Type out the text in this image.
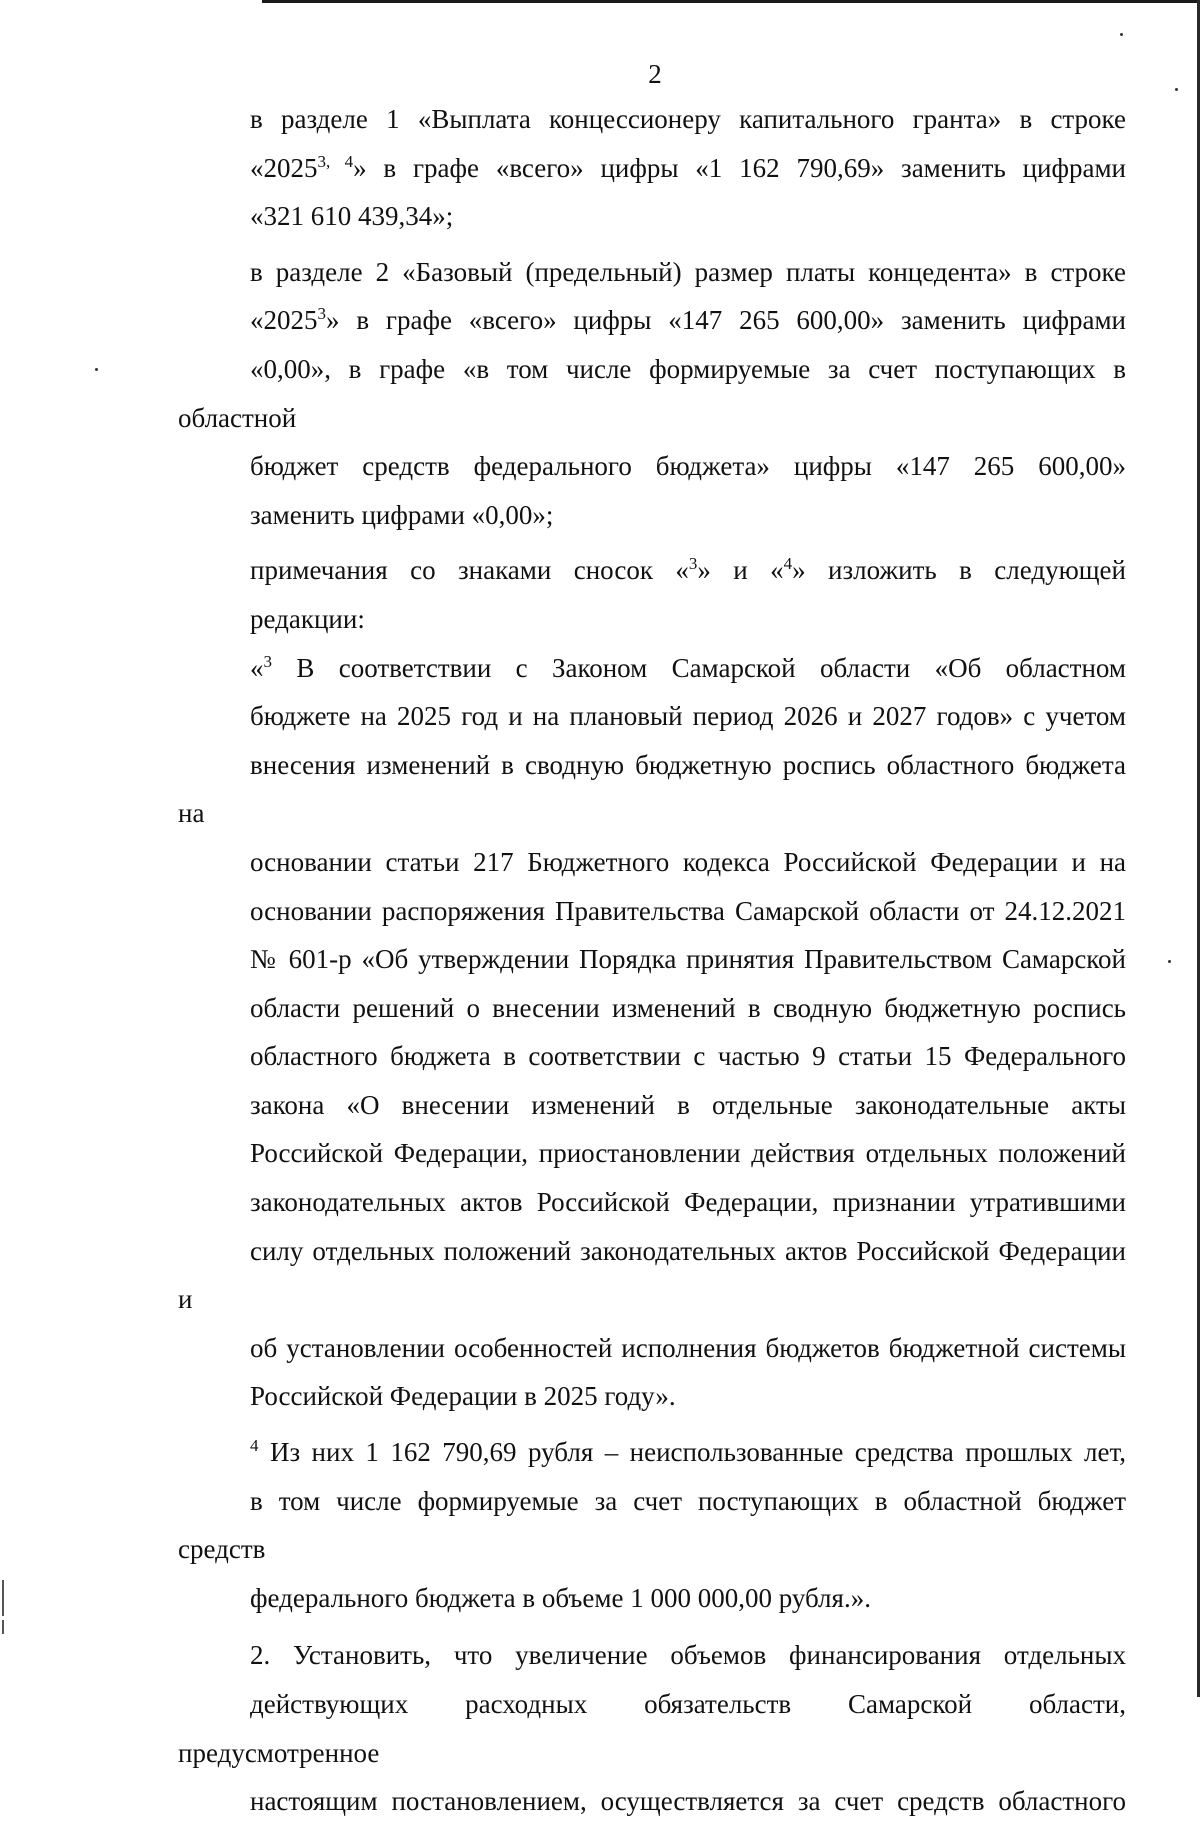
2
в разделе 1 «Выплата концессионеру капитального гранта» в строке
«2025$^{3, 4}$» в графе «всего» цифры «1 162 790,69» заменить цифрами
«321 610 439,34»;
в разделе 2 «Базовый (предельный) размер платы концедента» в строке
«2025$^3$» в графе «всего» цифры «147 265 600,00» заменить цифрами
«0,00», в графе «в том числе формируемые за счет поступающих в областной
бюджет средств федерального бюджета» цифры «147 265 600,00»
заменить цифрами «0,00»;
примечания со знаками сносок «$^3$» и «$^4$» изложить в следующей
редакции:
«$^3$ В соответствии с Законом Самарской области «Об областном
бюджете на 2025 год и на плановый период 2026 и 2027 годов» с учетом
внесения изменений в сводную бюджетную роспись областного бюджета на
основании статьи 217 Бюджетного кодекса Российской Федерации и на
основании распоряжения Правительства Самарской области от 24.12.2021
№ 601-р «Об утверждении Порядка принятия Правительством Самарской
области решений о внесении изменений в сводную бюджетную роспись
областного бюджета в соответствии с частью 9 статьи 15 Федерального
закона «О внесении изменений в отдельные законодательные акты
Российской Федерации, приостановлении действия отдельных положений
законодательных актов Российской Федерации, признании утратившими
силу отдельных положений законодательных актов Российской Федерации и
об установлении особенностей исполнения бюджетов бюджетной системы
Российской Федерации в 2025 году».
$^4$ Из них 1 162 790,69 рубля – неиспользованные средства прошлых лет,
в том числе формируемые за счет поступающих в областной бюджет средств
федерального бюджета в объеме 1 000 000,00 рубля.».
2. Установить, что увеличение объемов финансирования отдельных
действующих расходных обязательств Самарской области, предусмотренное
настоящим постановлением, осуществляется за счет средств областного
